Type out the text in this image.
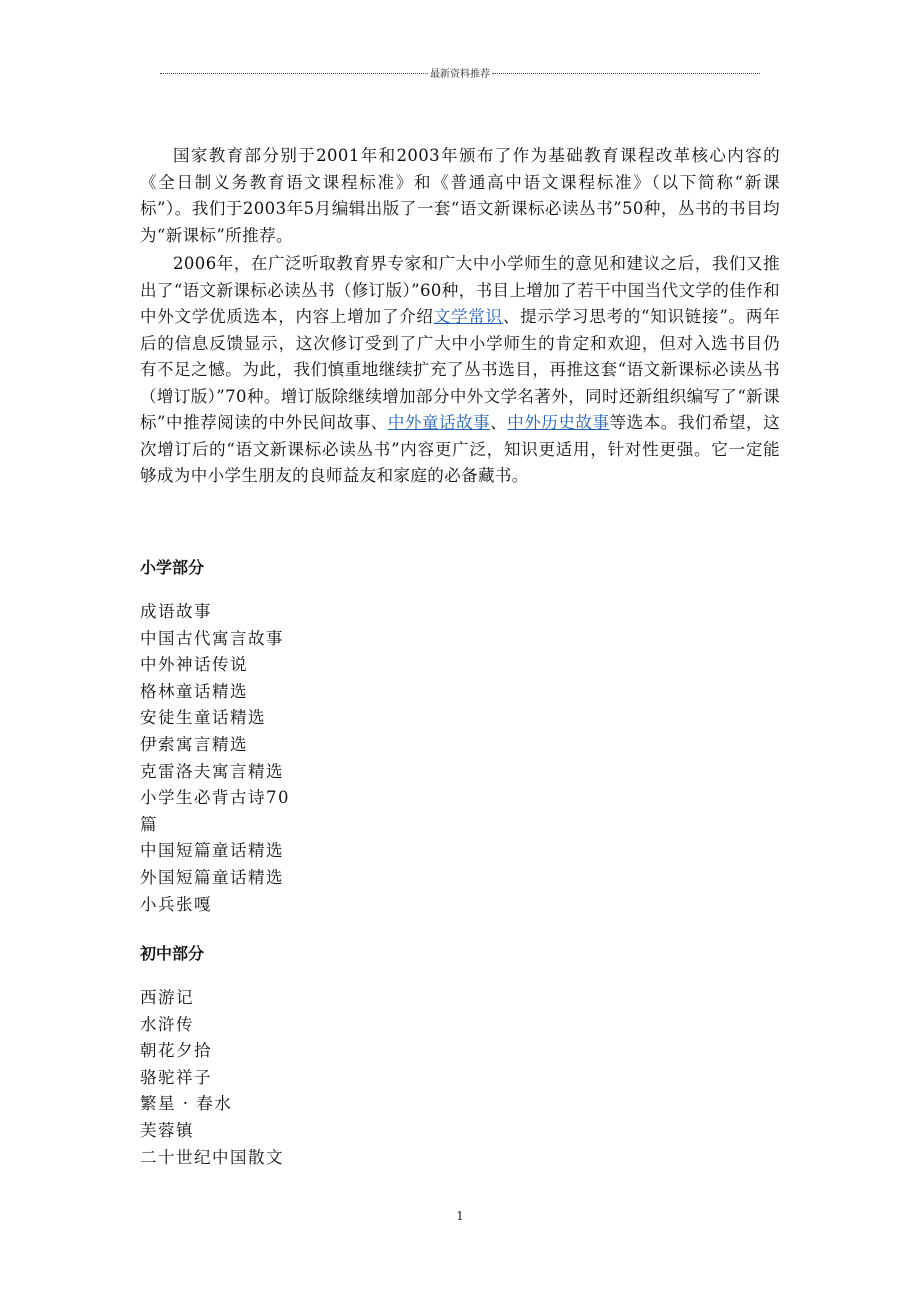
最新资料推荐

国家教育部分别于2001年和2003年颁布了作为基础教育课程改革核心内容的《全日制义务教育语文课程标准》和《普通高中语文课程标准》（以下简称“新课标”）。我们于2003年5月编辑出版了一套“语文新课标必读丛书”50种，丛书的书目均为“新课标”所推荐。

2006年，在广泛听取教育界专家和广大中小学师生的意见和建议之后，我们又推出了“语文新课标必读丛书（修订版）”60种，书目上增加了若干中国当代文学的佳作和中外文学优质选本，内容上增加了介绍文学常识、提示学习思考的“知识链接”。两年后的信息反馈显示，这次修订受到了广大中小学师生的肯定和欢迎，但对入选书目仍有不足之憾。为此，我们慎重地继续扩充了丛书选目，再推这套“语文新课标必读丛书（增订版）”70种。增订版除继续增加部分中外文学名著外，同时还新组织编写了“新课标”中推荐阅读的中外民间故事、中外童话故事、中外历史故事等选本。我们希望，这次增订后的“语文新课标必读丛书”内容更广泛，知识更适用，针对性更强。它一定能够成为中小学生朋友的良师益友和家庭的必备藏书。

小学部分
成语故事
中国古代寓言故事
中外神话传说
格林童话精选
安徒生童话精选
伊索寓言精选
克雷洛夫寓言精选
小学生必背古诗70篇
中国短篇童话精选
外国短篇童话精选
小兵张嘎
初中部分
西游记
水浒传
朝花夕拾
骆驼祥子
繁星 · 春水
芙蓉镇
二十世纪中国散文
1
